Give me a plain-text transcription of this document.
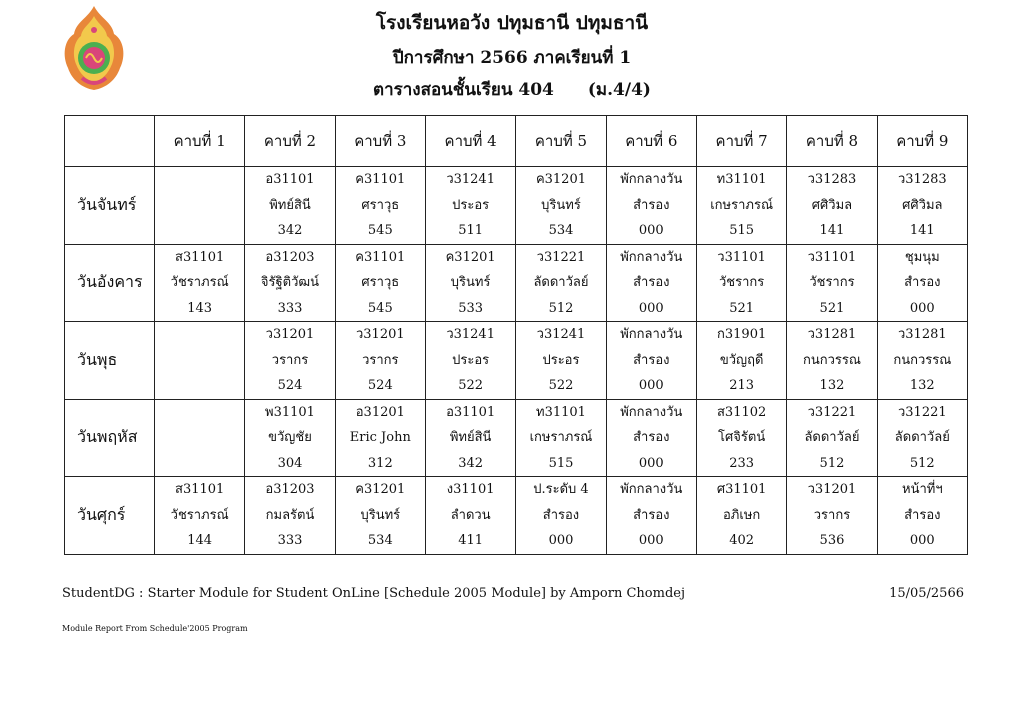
โรงเรียนหอวัง ปทุมธานี ปทุมธานี
ปีการศึกษา 2566 ภาคเรียนที่ 1
ตารางสอนชั้นเรียน 404 (ม.4/4)
	คาบที่ 1	คาบที่ 2	คาบที่ 3	คาบที่ 4	คาบที่ 5	คาบที่ 6	คาบที่ 7	คาบที่ 8	คาบที่ 9
วันจันทร์		อ31101
พิทย์สินี
342	ค31101
ศราวุธ
545	ว31241
ประอร
511	ค31201
บุรินทร์
534	พักกลางวัน
สำรอง
000	ท31101
เกษราภรณ์
515	ว31283
ศศิวิมล
141	ว31283
ศศิวิมล
141

วันอังคาร	ส31101
วัชราภรณ์
143	อ31203
จิรัฐิติวัฒน์
333	ค31101
ศราวุธ
545	ค31201
บุรินทร์
533	ว31221
ลัดดาวัลย์
512	พักกลางวัน
สำรอง
000	ว31101
วัชรากร
521	ว31101
วัชรากร
521	ชุมนุม
สำรอง
000

วันพุธ		ว31201
วรากร
524	ว31201
วรากร
524	ว31241
ประอร
522	ว31241
ประอร
522	พักกลางวัน
สำรอง
000	ก31901
ขวัญฤดี
213	ว31281
กนกวรรณ
132	ว31281
กนกวรรณ
132

วันพฤหัส		พ31101
ขวัญชัย
304	อ31201
Eric John
312	อ31101
พิทย์สินี
342	ท31101
เกษราภรณ์
515	พักกลางวัน
สำรอง
000	ส31102
โศจิรัตน์
233	ว31221
ลัดดาวัลย์
512	ว31221
ลัดดาวัลย์
512

วันศุกร์	ส31101
วัชราภรณ์
144	อ31203
กมลรัตน์
333	ค31201
บุรินทร์
534	ง31101
ลำดวน
411	ป.ระดับ 4
สำรอง
000	พักกลางวัน
สำรอง
000	ศ31101
อภิเษก
402	ว31201
วรากร
536	หน้าที่ฯ
สำรอง
000
StudentDG : Starter Module for Student OnLine [Schedule 2005 Module] by Amporn Chomdej	15/05/2566
Module Report From Schedule'2005 Program
